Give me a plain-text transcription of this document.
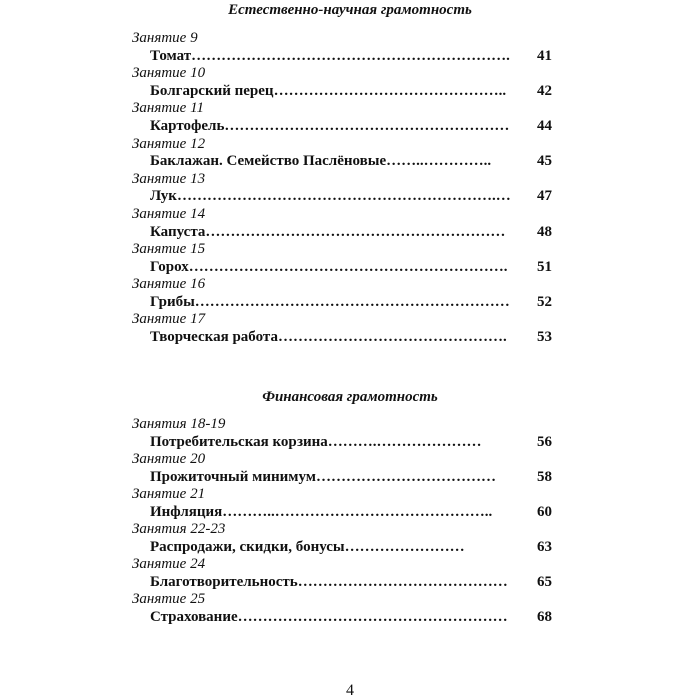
Естественно-научная грамотность
Занятие 9
Томат……………………………………………………….	41
Занятие 10
Болгарский перец………………………………………..	42
Занятие 11
Картофель…………………………………………………	44
Занятие 12
Баклажан. Семейство Паслёновые……..…………..	45
Занятие 13
Лук……………………………………………………….…	47
Занятие 14
Капуста……………………………………………………	48
Занятие 15
Горох……………………………………………………….	51
Занятие 16
Грибы………………………………………………………	52
Занятие 17
Творческая работа……………………………………….	53
Финансовая грамотность
Занятия 18-19
Потребительская корзина……….…………………	56
Занятие 20
Прожиточный минимум………………………………	58
Занятие 21
Инфляция………..……………………………………..	60
Занятия 22-23
Распродажи, скидки, бонусы……………………	63
Занятие 24
Благотворительность……………………………………	65
Занятие 25
Страхование………………………………………………	68
4
